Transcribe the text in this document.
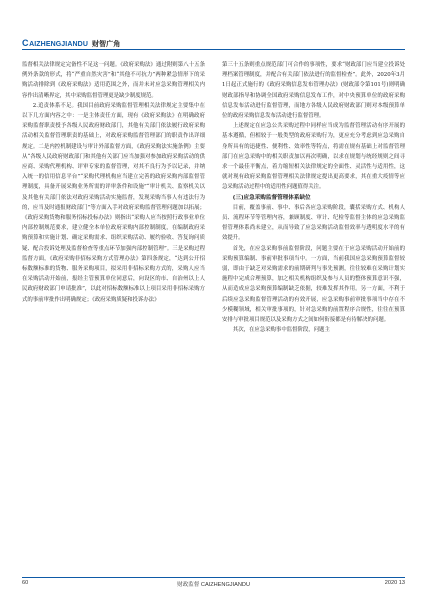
CAIZHENGJIANDU 财智广角

监督相关法律规定完备性不足这一问题。《政府采购法》通过附则第八十五条例外条款的形式，将“严重自然灾害”和“其他不可抗力”两种紧急情形下的采购活动排除到《政府采购法》适用范围之外，而并未对应急采购管理相关内容作出清晰界定，其中采购监督管理更是缺少制度规范。

2.追责体系不足。我国目前政府采购监督管理相关法律规定主要集中在以下几方面内容之中：一是主体责任方面，现有《政府采购法》在明确政府采购监督职责授予各级人民政府财政部门，其他有关部门依法履行政府采购活动相关监督管理职责的基础上，对政府采购监督管理部门的职责作出详细规定。二是内控机制建设与审计外部监督方面，《政府采购法实施条例》主要从“各级人民政府财政部门和其他有关部门应当加强对参加政府采购活动的供应商、采购代理机构、评审专家的监督管理，对其不良行为予以记录，并纳入统一的信用信息平台”“采购代理机构应当建立完善的政府采购内部监督管理制度，具备开展采购业务所需的评审条件和设施”“审计机关、监察机关以及其他有关部门依法对政府采购活动实施监督，发现采购当事人有违法行为的，应当及时通报财政部门”等方面入手对政府采购监督管理问题加以拓展；《政府采购货物和服务招标投标办法》则指出“采购人应当按照行政事业单位内部控制规范要求，建立健全本单位政府采购内部控制制度，在编制政府采购预算和实施计划、确定采购需求、组织采购活动、履约验收、答复询问质疑、配合投诉处理及监督检查等重点环节加强内部控制管理”。三是采购过程监督方面，《政府采购非招标采购方式管理办法》第四条规定，“达到公开招标数额标准的货物、服务采购项目，拟采用非招标采购方式的，采购人应当在采购活动开始前，报经主管预算单位同意后，向设区的市、自治州以上人民政府财政部门申请批准”，以此对招标数额标准以上项目采用非招标采购方式的事前审批作出明确规定；《政府采购质疑和投诉办法》

第三十五条则重点规范部门可合作的事项性，要求“财政部门应当建立投诉处理档案管理制度，并配合有关部门依法进行的监督检查”。此外，2020年3月1日起正式施行的《政府采购信息发布管理办法》(财政部令第101号)则明确财政部指导和协调全国政府采购信息发布工作，对中央预算单位的政府采购信息发布活动进行监督管理，而地方各级人民政府财政部门则对本级预算单位的政府采购信息发布活动进行监督管理。

上述规定在应急公共采购过程中同样应当成为监督管理活动有序开展的基本遵循，但相较于一般类型的政府采购行为，更应充分考虑到应急采购自身所具有的迅捷性、便利性、效率性等特点，将需在规有基础上对监督管理部门在应急采购中的相关职责加以再次明确，以求在规划与统经规则之间寻求一个最佳平衡点，着力缩短相关法律规定的全面性、灵活性与适用性，这就对现有政府采购监督管理相关法律规定提出更高要求，其在重大疫情等应急采购活动过程中的适用性问题值得关注。

(三)应急采购监督管理体系缺位

目前，覆盖事前、事中、事后各应急采购阶段，囊括采购方式、机构人员、流程环节等管理内容，兼顾制度、审计、纪检等监督主体的应急采购监督管理体系尚未建立，从而导致了应急采购活动监督效率与透明度水平的有效提升。

首先，在应急采购事前监督阶段，问题主要在于应急采购活动开始前的采购预算编制、事前审批事项当中。一方面，当前我国应急采购预算监督较弱，即由于缺乏对采购需求的前期研判与事先预测，往往较难在采购计划实施程中完成合理预算，加之相关机构组织及参与人员的整体预算意识不强，从而造成应急采购预算编制缺乏依据，较难发挥其作用。另一方面，不利于后续应急采购监督管理活动的有效开展，应急采购事前审批事项当中存在不少模糊领域，相关审批事项的，针对急采购的前置程序合规性，往往在预算安排与审批项目规范以及采购方式之间如何衔接都是有待解决的问题。

其次，在应急采购事中监督阶段，问题主

60	财政监督 CAIZHENGJIANDU	2020 13
